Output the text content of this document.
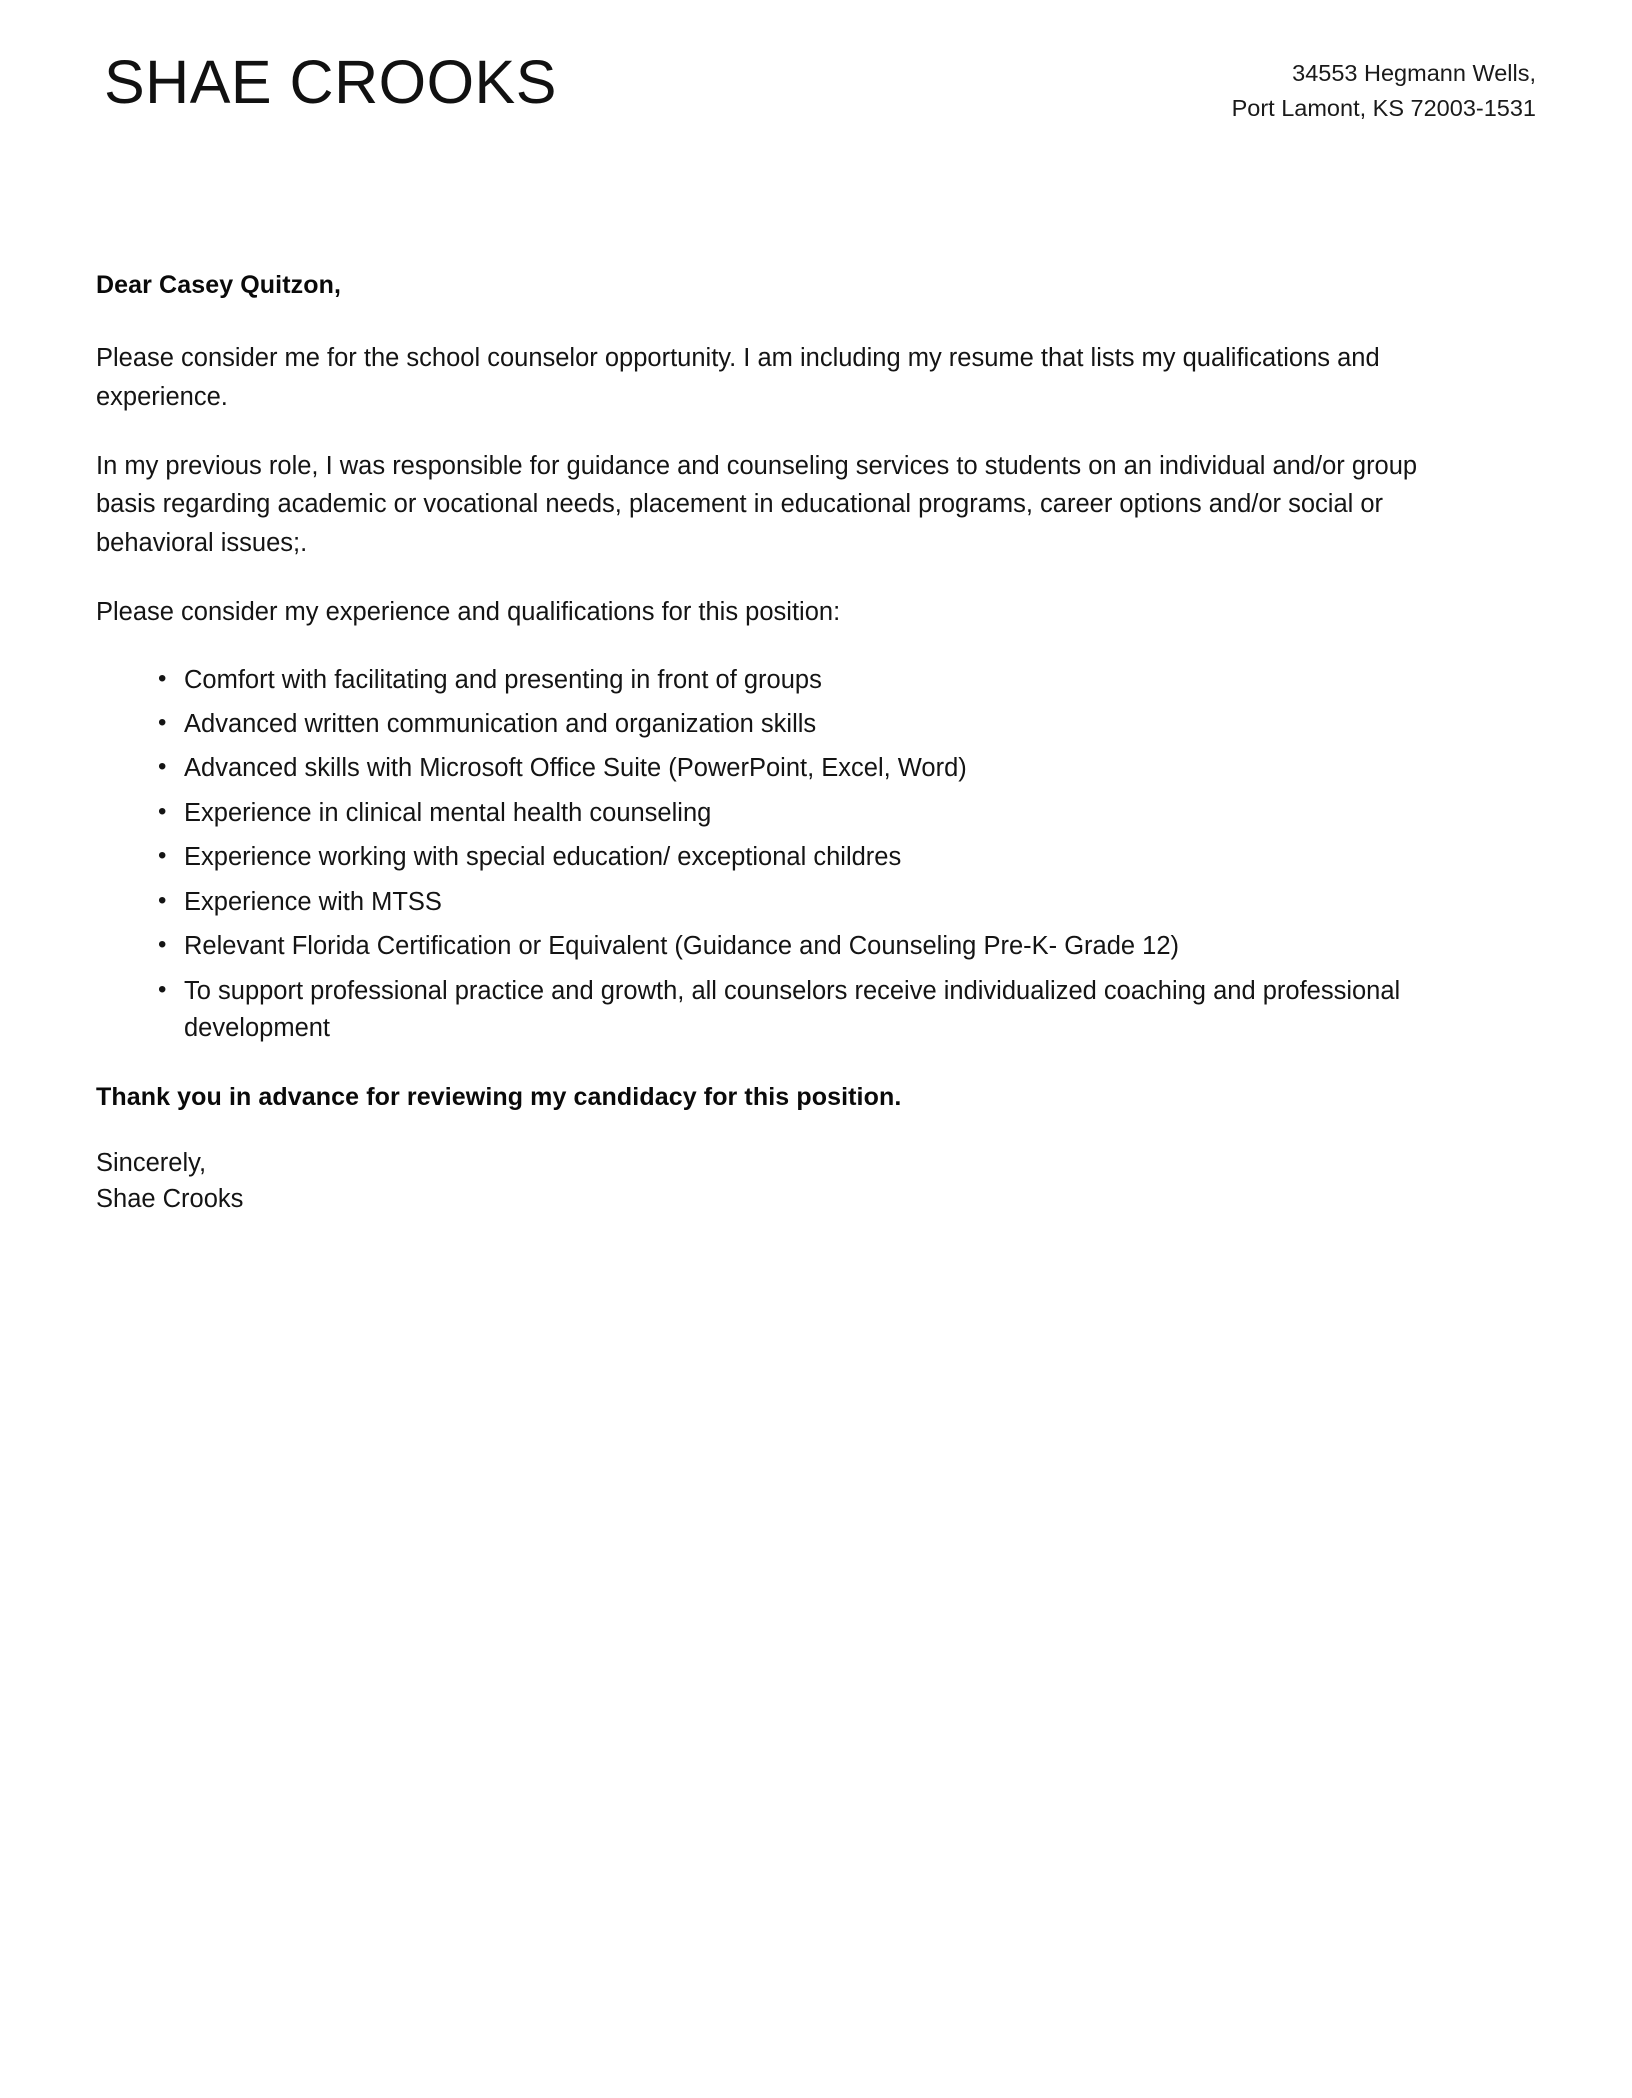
SHAE CROOKS	34553 Hegmann Wells,
Port Lamont, KS 72003-1531

Dear Casey Quitzon,

Please consider me for the school counselor opportunity. I am including my resume that lists my qualifications and experience.

In my previous role, I was responsible for guidance and counseling services to students on an individual and/or group basis regarding academic or vocational needs, placement in educational programs, career options and/or social or behavioral issues;.

Please consider my experience and qualifications for this position:

• Comfort with facilitating and presenting in front of groups
• Advanced written communication and organization skills
• Advanced skills with Microsoft Office Suite (PowerPoint, Excel, Word)
• Experience in clinical mental health counseling
• Experience working with special education/ exceptional childres
• Experience with MTSS
• Relevant Florida Certification or Equivalent (Guidance and Counseling Pre-K- Grade 12)
• To support professional practice and growth, all counselors receive individualized coaching and professional development

Thank you in advance for reviewing my candidacy for this position.

Sincerely,
Shae Crooks
